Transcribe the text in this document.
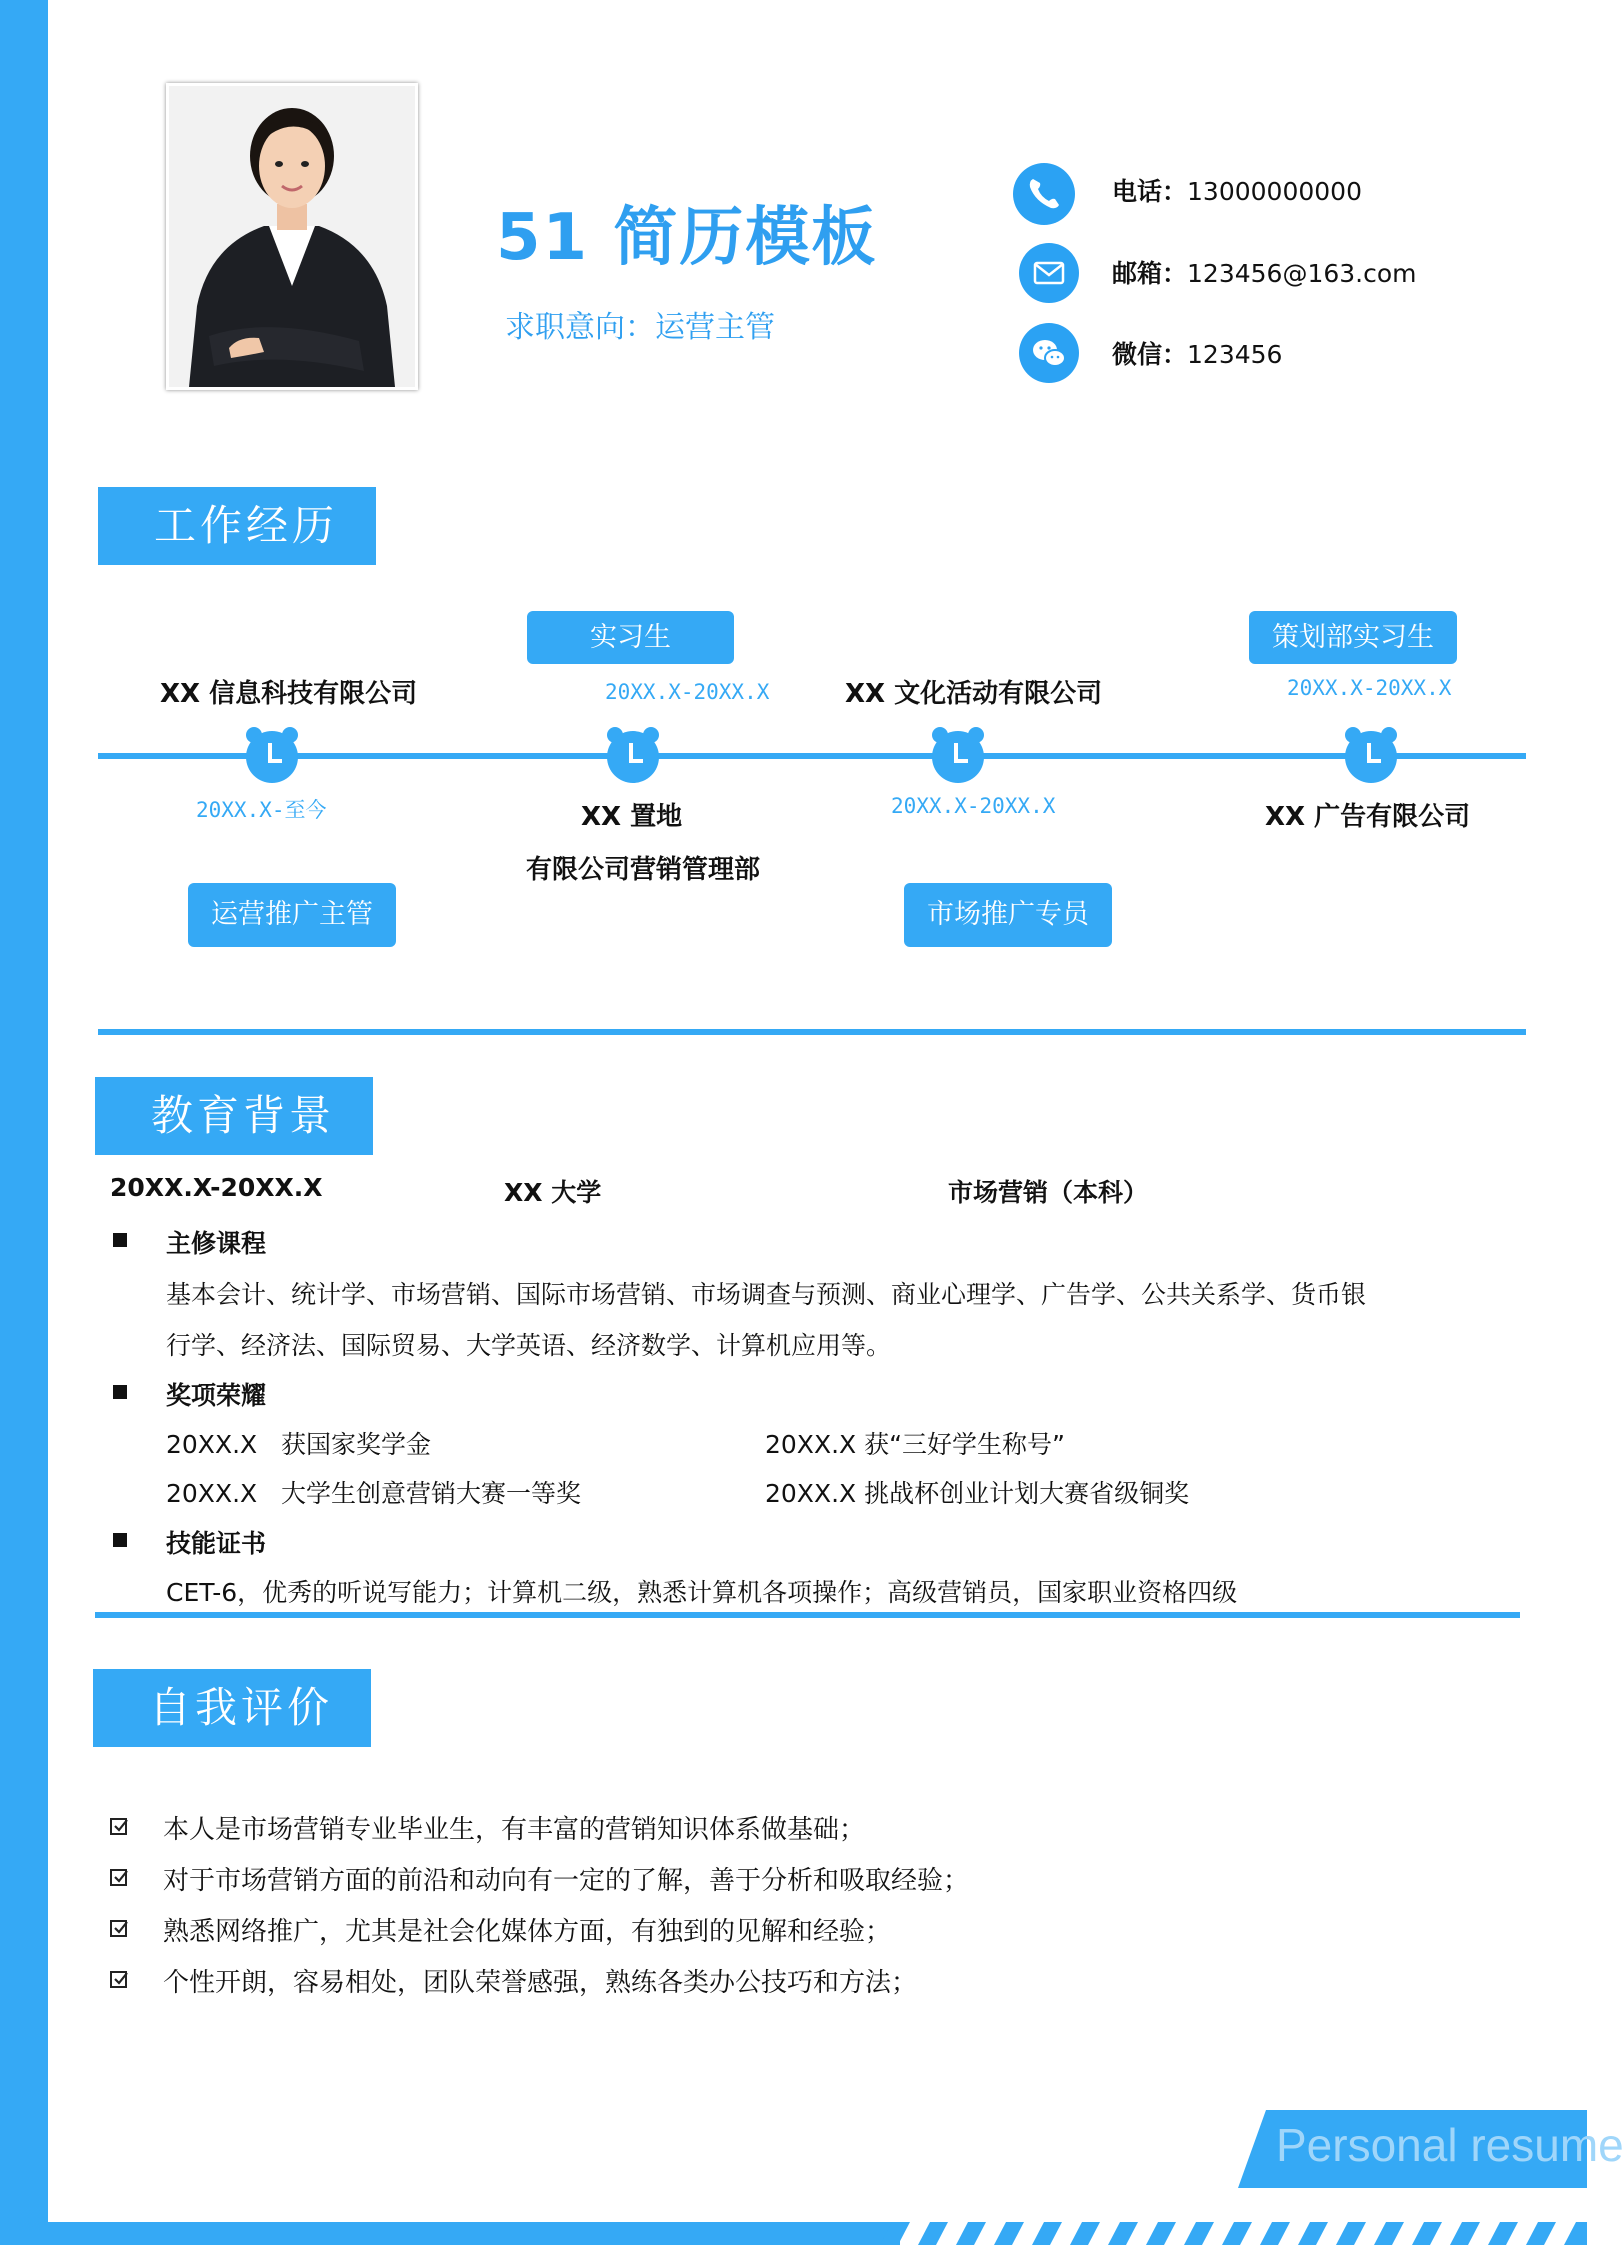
51 简历模板
求职意向：运营主管
电话：13000000000
邮箱：123456@163.com
微信：123456
工作经历
XX 信息科技有限公司
20XX.X-至今
运营推广主管
实习生
20XX.X-20XX.X
XX 置地
有限公司营销管理部
XX 文化活动有限公司
20XX.X-20XX.X
市场推广专员
策划部实习生
20XX.X-20XX.X
XX 广告有限公司
教育背景
20XX.X-20XX.X	XX 大学	市场营销（本科）
主修课程
基本会计、统计学、市场营销、国际市场营销、市场调查与预测、商业心理学、广告学、公共关系学、货币银
行学、经济法、国际贸易、大学英语、经济数学、计算机应用等。
奖项荣耀
20XX.X 获国家奖学金	20XX.X 获“三好学生称号”
20XX.X 大学生创意营销大赛一等奖	20XX.X 挑战杯创业计划大赛省级铜奖
技能证书
CET-6，优秀的听说写能力；计算机二级，熟悉计算机各项操作；高级营销员，国家职业资格四级
自我评价
本人是市场营销专业毕业生，有丰富的营销知识体系做基础；
对于市场营销方面的前沿和动向有一定的了解，善于分析和吸取经验；
熟悉网络推广，尤其是社会化媒体方面，有独到的见解和经验；
个性开朗，容易相处，团队荣誉感强，熟练各类办公技巧和方法；
Personal resume
